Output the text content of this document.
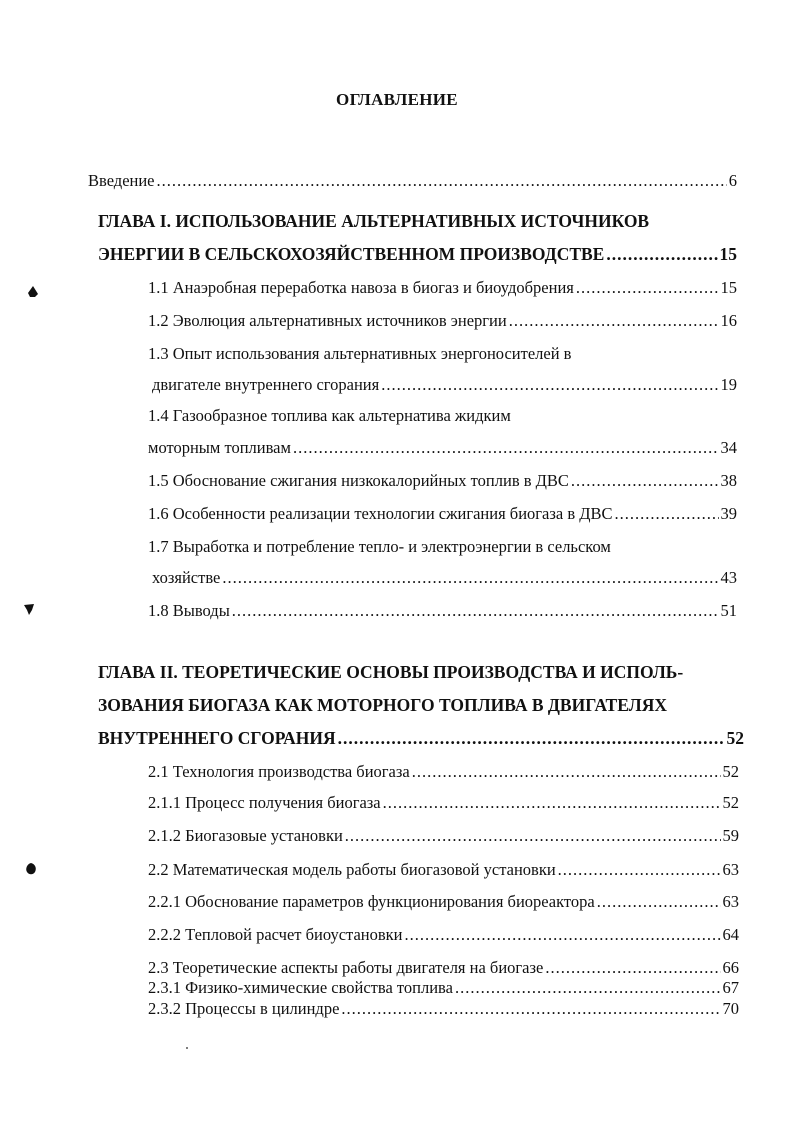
ОГЛАВЛЕНИЕ
Введение .....	6
ГЛАВА I. ИСПОЛЬЗОВАНИЕ АЛЬТЕРНАТИВНЫХ ИСТОЧНИКОВ
ЭНЕРГИИ В СЕЛЬСКОХОЗЯЙСТВЕННОМ ПРОИЗВОДСТВЕ .....	15
1.1 Анаэробная переработка навоза в биогаз и биоудобрения .....	15
1.2 Эволюция альтернативных источников энергии .....	16
1.3 Опыт использования альтернативных энергоносителей в
двигателе внутреннего сгорания .....	19
1.4 Газообразное топлива как альтернатива жидким
моторным топливам .....	34
1.5 Обоснование сжигания низкокалорийных топлив в ДВС .....	38
1.6 Особенности реализации технологии сжигания биогаза в ДВС .....	39
1.7 Выработка и потребление тепло- и электроэнергии в сельском
хозяйстве .....	43
1.8 Выводы .....	51
ГЛАВА II. ТЕОРЕТИЧЕСКИЕ ОСНОВЫ ПРОИЗВОДСТВА И ИСПОЛЬ-
ЗОВАНИЯ БИОГАЗА КАК МОТОРНОГО ТОПЛИВА В ДВИГАТЕЛЯХ
ВНУТРЕННЕГО СГОРАНИЯ .....	52
2.1 Технология производства биогаза .....	52
2.1.1 Процесс получения биогаза .....	52
2.1.2 Биогазовые установки .....	59
2.2 Математическая модель работы биогазовой установки .....	63
2.2.1 Обоснование параметров функционирования биореактора .....	63
2.2.2 Тепловой расчет биоустановки .....	64
2.3 Теоретические аспекты работы двигателя на биогазе .....	66
2.3.1 Физико-химические свойства топлива .....	67
2.3.2 Процессы в цилиндре .....	70
